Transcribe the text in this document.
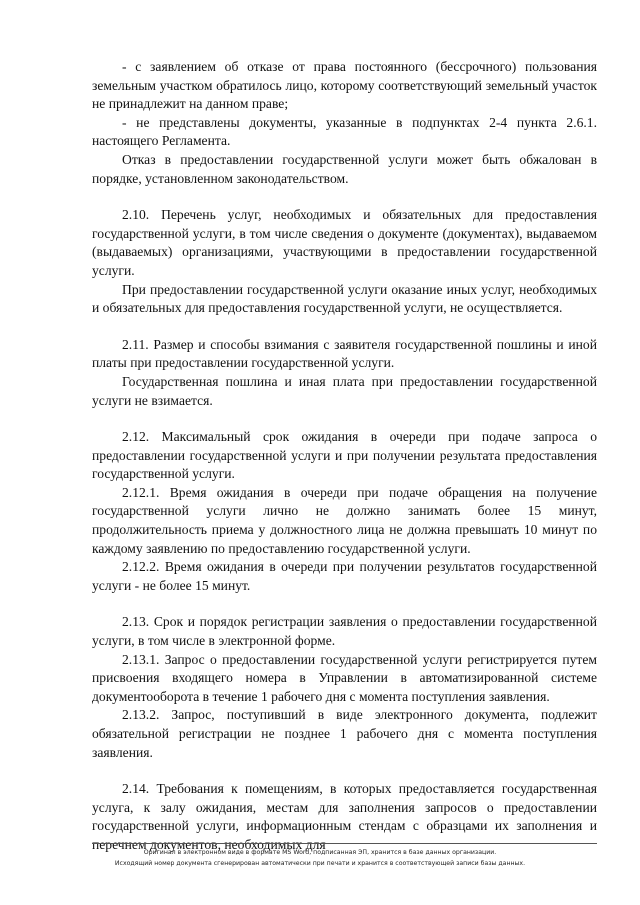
- с заявлением об отказе от права постоянного (бессрочного) пользования земельным участком обратилось лицо, которому соответствующий земельный участок не принадлежит на данном праве;

- не представлены документы, указанные в подпунктах 2-4 пункта 2.6.1. настоящего Регламента.

Отказ в предоставлении государственной услуги может быть обжалован в порядке, установленном законодательством.

2.10. Перечень услуг, необходимых и обязательных для предоставления государственной услуги, в том числе сведения о документе (документах), выдаваемом (выдаваемых) организациями, участвующими в предоставлении государственной услуги.

При предоставлении государственной услуги оказание иных услуг, необходимых и обязательных для предоставления государственной услуги, не осуществляется.

2.11. Размер и способы взимания с заявителя государственной пошлины и иной платы при предоставлении государственной услуги.

Государственная пошлина и иная плата при предоставлении государственной услуги не взимается.

2.12. Максимальный срок ожидания в очереди при подаче запроса о предоставлении государственной услуги и при получении результата предоставления государственной услуги.

2.12.1. Время ожидания в очереди при подаче обращения на получение государственной услуги лично не должно занимать более 15 минут, продолжительность приема у должностного лица не должна превышать 10 минут по каждому заявлению по предоставлению государственной услуги.

2.12.2. Время ожидания в очереди при получении результатов государственной услуги - не более 15 минут.

2.13. Срок и порядок регистрации заявления о предоставлении государственной услуги, в том числе в электронной форме.

2.13.1. Запрос о предоставлении государственной услуги регистрируется путем присвоения входящего номера в Управлении в автоматизированной системе документооборота в течение 1 рабочего дня с момента поступления заявления.

2.13.2. Запрос, поступивший в виде электронного документа, подлежит обязательной регистрации не позднее 1 рабочего дня с момента поступления заявления.

2.14. Требования к помещениям, в которых предоставляется государственная услуга, к залу ожидания, местам для заполнения запросов о предоставлении государственной услуги, информационным стендам с образцами их заполнения и перечнем документов, необходимых для

Оригинал в электронном виде в формате MS Word, подписанная ЭП, хранится в базе данных организации.
Исходящий номер документа сгенерирован автоматически при печати и хранится в соответствующей записи базы данных.
